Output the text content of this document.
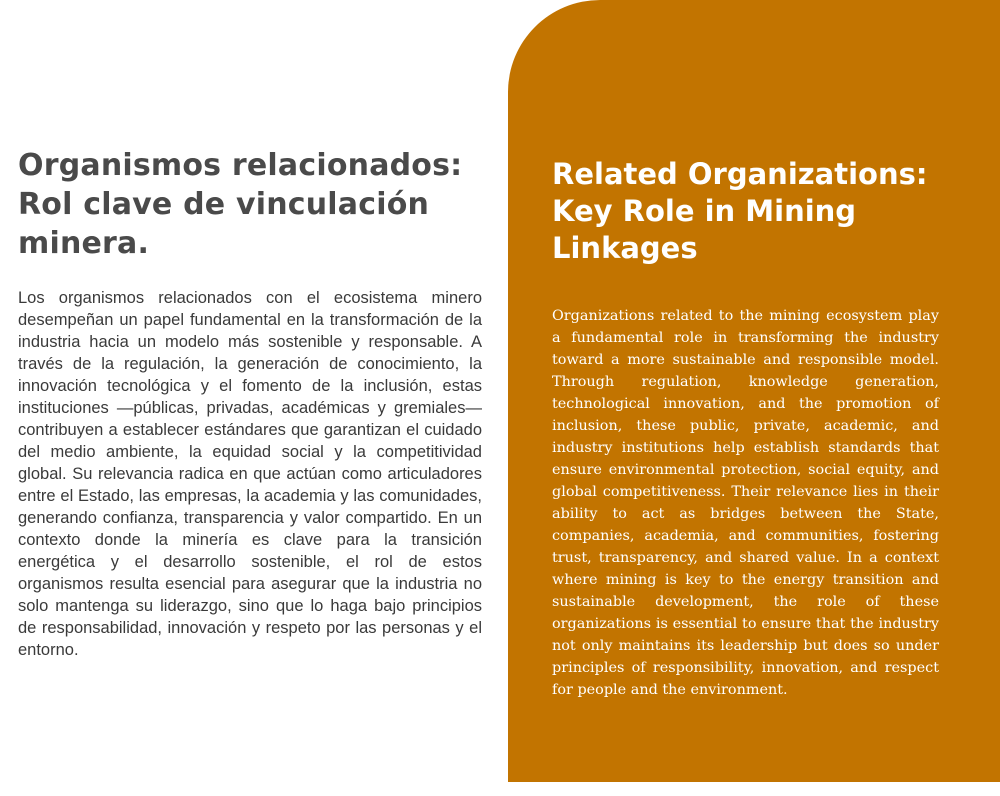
Organismos relacionados: Rol clave de vinculación minera.

Los organismos relacionados con el ecosistema minero desempeñan un papel fundamental en la transformación de la industria hacia un modelo más sostenible y responsable. A través de la regulación, la generación de conocimiento, la innovación tecnológica y el fomento de la inclusión, estas instituciones —públicas, privadas, académicas y gremiales— contribuyen a establecer estándares que garantizan el cuidado del medio ambiente, la equidad social y la competitividad global. Su relevancia radica en que actúan como articuladores entre el Estado, las empresas, la academia y las comunidades, generando confianza, transparencia y valor compartido. En un contexto donde la minería es clave para la transición energética y el desarrollo sostenible, el rol de estos organismos resulta esencial para asegurar que la industria no solo mantenga su liderazgo, sino que lo haga bajo principios de responsabilidad, innovación y respeto por las personas y el entorno.

Related Organizations: Key Role in Mining Linkages

Organizations related to the mining ecosystem play a fundamental role in transforming the industry toward a more sustainable and responsible model. Through regulation, knowledge generation, technological innovation, and the promotion of inclusion, these public, private, academic, and industry institutions help establish standards that ensure environmental protection, social equity, and global competitiveness. Their relevance lies in their ability to act as bridges between the State, companies, academia, and communities, fostering trust, transparency, and shared value. In a context where mining is key to the energy transition and sustainable development, the role of these organizations is essential to ensure that the industry not only maintains its leadership but does so under principles of responsibility, innovation, and respect for people and the environment.
